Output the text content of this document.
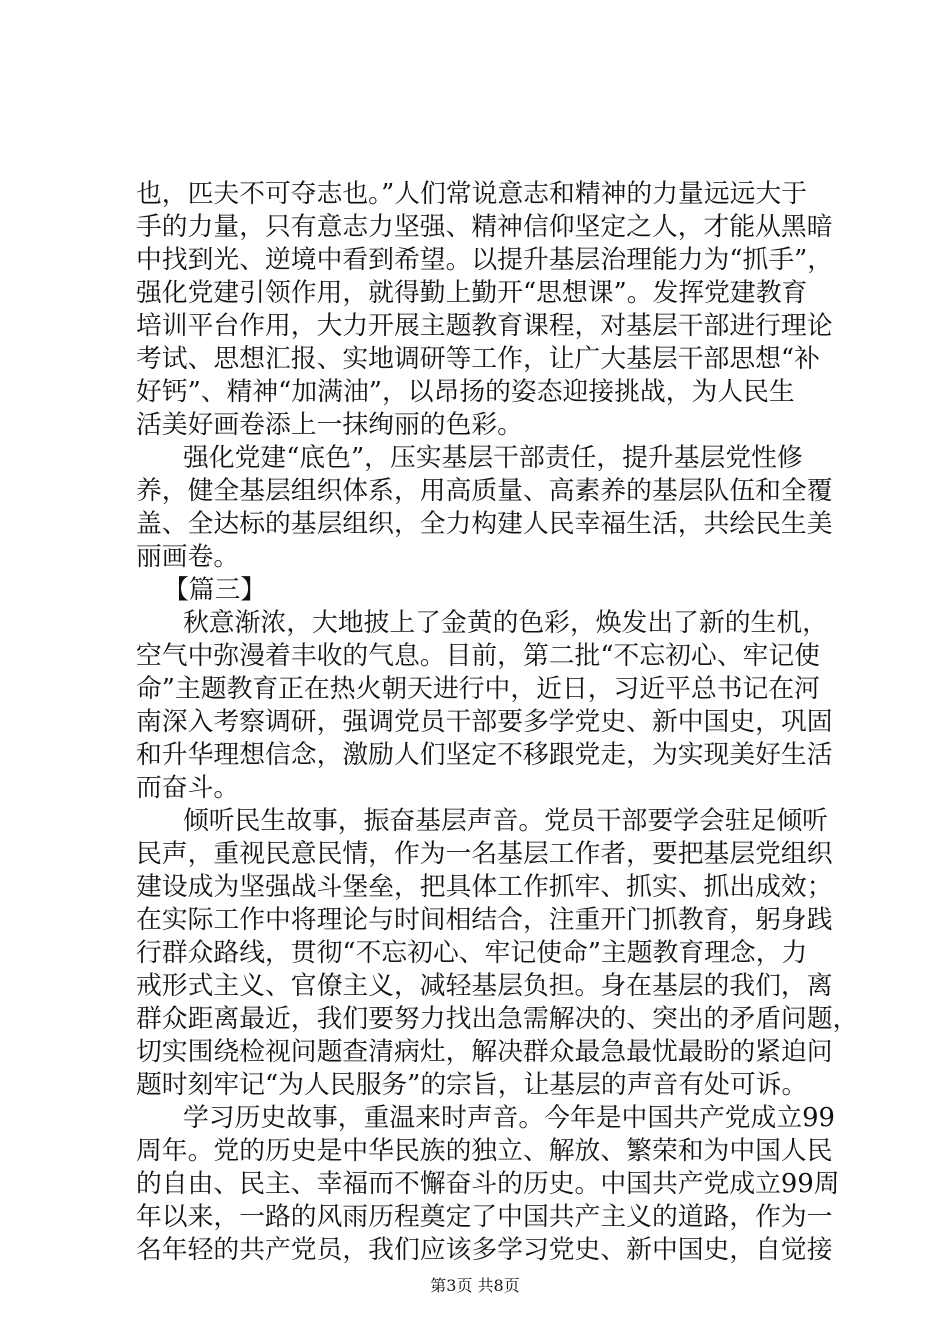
也，匹夫不可夺志也。”人们常说意志和精神的力量远远大于
手的力量，只有意志力坚强、精神信仰坚定之人，才能从黑暗
中找到光、逆境中看到希望。以提升基层治理能力为“抓手”，
强化党建引领作用，就得勤上勤开“思想课”。发挥党建教育
培训平台作用，大力开展主题教育课程，对基层干部进行理论
考试、思想汇报、实地调研等工作，让广大基层干部思想“补
好钙”、精神“加满油”，以昂扬的姿态迎接挑战，为人民生
活美好画卷添上一抹绚丽的色彩。
强化党建“底色”，压实基层干部责任，提升基层党性修
养，健全基层组织体系，用高质量、高素养的基层队伍和全覆
盖、全达标的基层组织，全力构建人民幸福生活，共绘民生美
丽画卷。
【篇三】
秋意渐浓，大地披上了金黄的色彩，焕发出了新的生机，
空气中弥漫着丰收的气息。目前，第二批“不忘初心、牢记使
命”主题教育正在热火朝天进行中，近日，习近平总书记在河
南深入考察调研，强调党员干部要多学党史、新中国史，巩固
和升华理想信念，激励人们坚定不移跟党走，为实现美好生活
而奋斗。
倾听民生故事，振奋基层声音。党员干部要学会驻足倾听
民声，重视民意民情，作为一名基层工作者，要把基层党组织
建设成为坚强战斗堡垒，把具体工作抓牢、抓实、抓出成效；
在实际工作中将理论与时间相结合，注重开门抓教育，躬身践
行群众路线，贯彻“不忘初心、牢记使命”主题教育理念，力
戒形式主义、官僚主义，减轻基层负担。身在基层的我们，离
群众距离最近，我们要努力找出急需解决的、突出的矛盾问题，
切实围绕检视问题查清病灶，解决群众最急最忧最盼的紧迫问
题时刻牢记“为人民服务”的宗旨，让基层的声音有处可诉。
学习历史故事，重温来时声音。今年是中国共产党成立99
周年。党的历史是中华民族的独立、解放、繁荣和为中国人民
的自由、民主、幸福而不懈奋斗的历史。中国共产党成立99周
年以来，一路的风雨历程奠定了中国共产主义的道路，作为一
名年轻的共产党员，我们应该多学习党史、新中国史，自觉接
第3页 共8页
